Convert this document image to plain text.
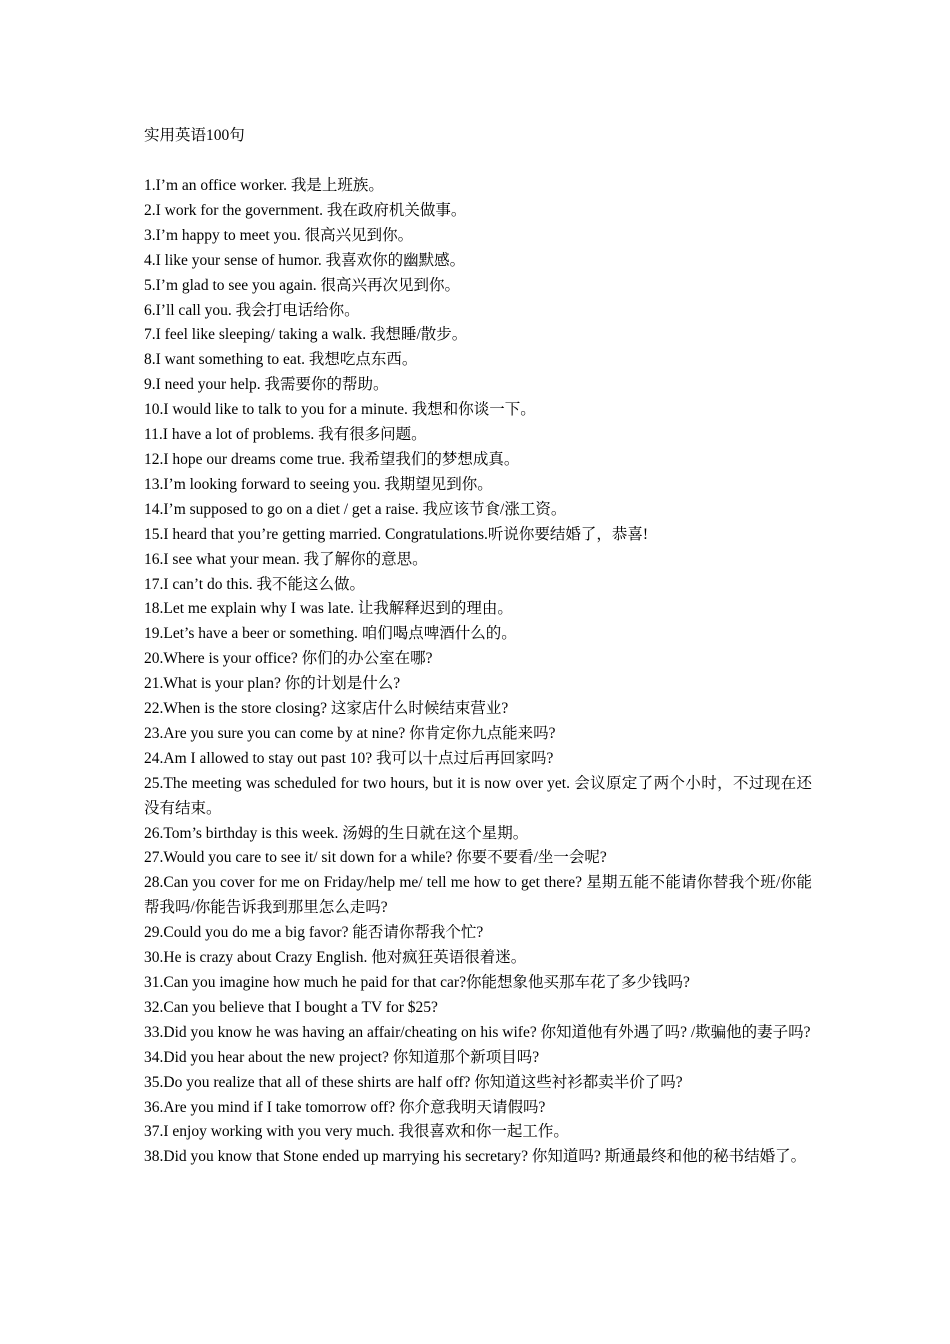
实用英语100句
1.I’m an office worker. 我是上班族。
2.I work for the government. 我在政府机关做事。
3.I’m happy to meet you. 很高兴见到你。
4.I like your sense of humor. 我喜欢你的幽默感。
5.I’m glad to see you again. 很高兴再次见到你。
6.I’ll call you. 我会打电话给你。
7.I feel like sleeping/ taking a walk. 我想睡/散步。
8.I want something to eat. 我想吃点东西。
9.I need your help. 我需要你的帮助。
10.I would like to talk to you for a minute. 我想和你谈一下。
11.I have a lot of problems. 我有很多问题。
12.I hope our dreams come true. 我希望我们的梦想成真。
13.I’m looking forward to seeing you. 我期望见到你。
14.I’m supposed to go on a diet / get a raise. 我应该节食/涨工资。
15.I heard that you’re getting married. Congratulations.听说你要结婚了，恭喜!
16.I see what your mean. 我了解你的意思。
17.I can’t do this. 我不能这么做。
18.Let me explain why I was late. 让我解释迟到的理由。
19.Let’s have a beer or something. 咱们喝点啤酒什么的。
20.Where is your office? 你们的办公室在哪?
21.What is your plan? 你的计划是什么?
22.When is the store closing? 这家店什么时候结束营业?
23.Are you sure you can come by at nine? 你肯定你九点能来吗?
24.Am I allowed to stay out past 10? 我可以十点过后再回家吗?
25.The meeting was scheduled for two hours, but it is now over yet. 会议原定了两个小时，不过现在还没有结束。
26.Tom’s birthday is this week. 汤姆的生日就在这个星期。
27.Would you care to see it/ sit down for a while? 你要不要看/坐一会呢?
28.Can you cover for me on Friday/help me/ tell me how to get there? 星期五能不能请你替我个班/你能帮我吗/你能告诉我到那里怎么走吗?
29.Could you do me a big favor? 能否请你帮我个忙?
30.He is crazy about Crazy English. 他对疯狂英语很着迷。
31.Can you imagine how much he paid for that car?你能想象他买那车花了多少钱吗?
32.Can you believe that I bought a TV for $25?
33.Did you know he was having an affair/cheating on his wife? 你知道他有外遇了吗? /欺骗他的妻子吗?
34.Did you hear about the new project? 你知道那个新项目吗?
35.Do you realize that all of these shirts are half off? 你知道这些衬衫都卖半价了吗?
36.Are you mind if I take tomorrow off? 你介意我明天请假吗?
37.I enjoy working with you very much. 我很喜欢和你一起工作。
38.Did you know that Stone ended up marrying his secretary? 你知道吗? 斯通最终和他的秘书结婚了。
